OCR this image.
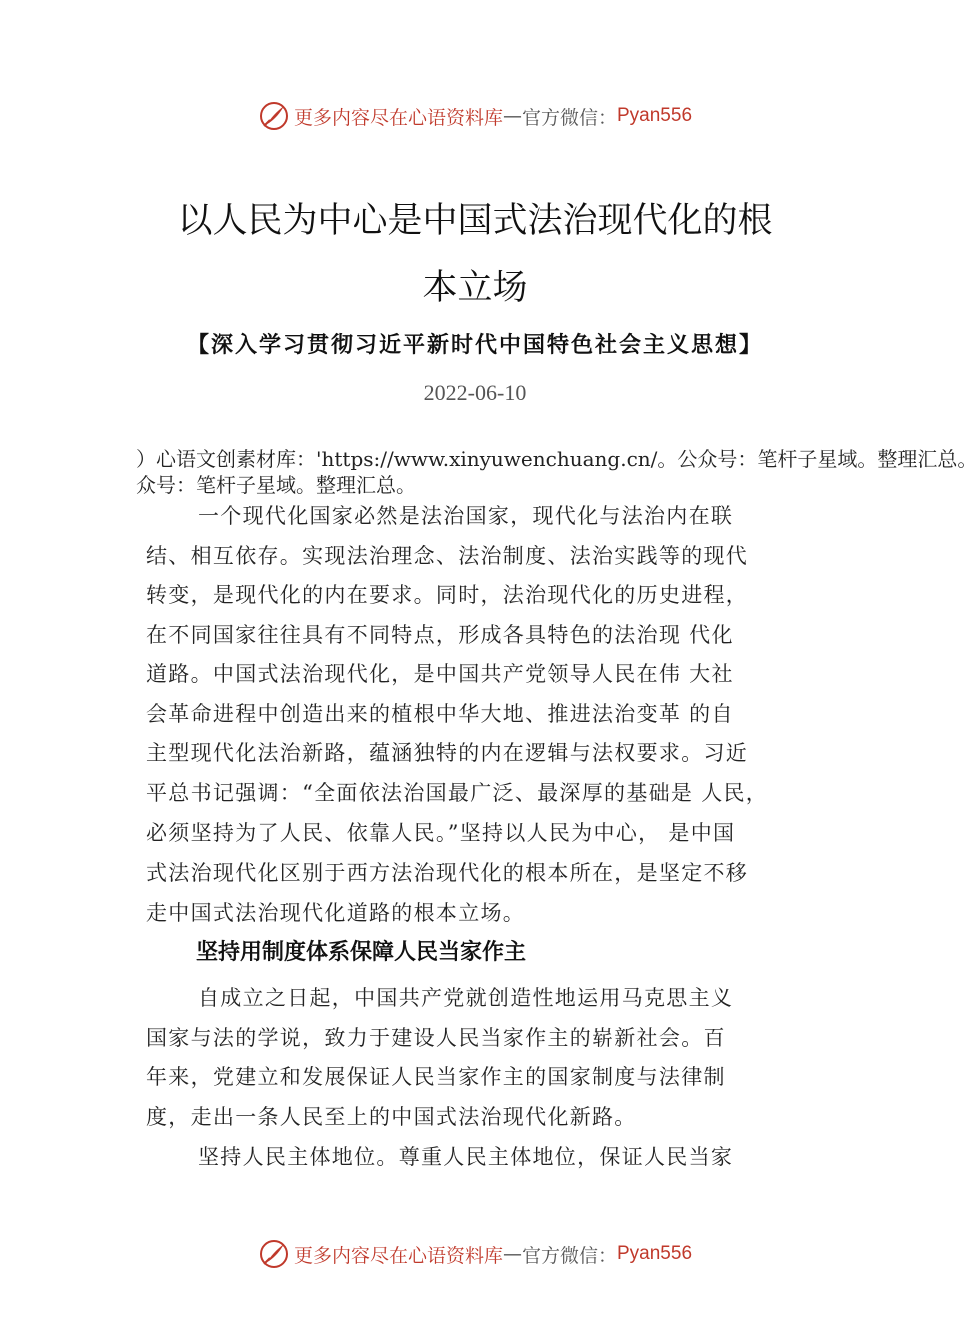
更多内容尽在心语资料库 — 官方微信： Pyan556
以人民为中心是中国式法治现代化的根
本立场
【深入学习贯彻习近平新时代中国特色社会主义思想】
2022-06-10
）心语文创素材库：'https://www.xinyuwenchuang.cn/。公众号：笔杆子星域。整理汇总。
众号：笔杆子星域。整理汇总。
一个现代化国家必然是法治国家，现代化与法治内在联
结、相互依存。实现法治理念、法治制度、法治实践等的现代
转变，是现代化的内在要求。同时，法治现代化的历史进程，
在不同国家往往具有不同特点，形成各具特色的法治现 代化
道路。中国式法治现代化，是中国共产党领导人民在伟 大社
会革命进程中创造出来的植根中华大地、推进法治变革 的自
主型现代化法治新路，蕴涵独特的内在逻辑与法权要求。习近
平总书记强调：“全面依法治国最广泛、最深厚的基础是 人民，
必须坚持为了人民、依靠人民。”坚持以人民为中心， 是中国
式法治现代化区别于西方法治现代化的根本所在，是坚定不移
走中国式法治现代化道路的根本立场。
坚持用制度体系保障人民当家作主
自成立之日起，中国共产党就创造性地运用马克思主义
国家与法的学说，致力于建设人民当家作主的崭新社会。百
年来，党建立和发展保证人民当家作主的国家制度与法律制
度，走出一条人民至上的中国式法治现代化新路。
坚持人民主体地位。尊重人民主体地位，保证人民当家
更多内容尽在心语资料库 — 官方微信： Pyan556
